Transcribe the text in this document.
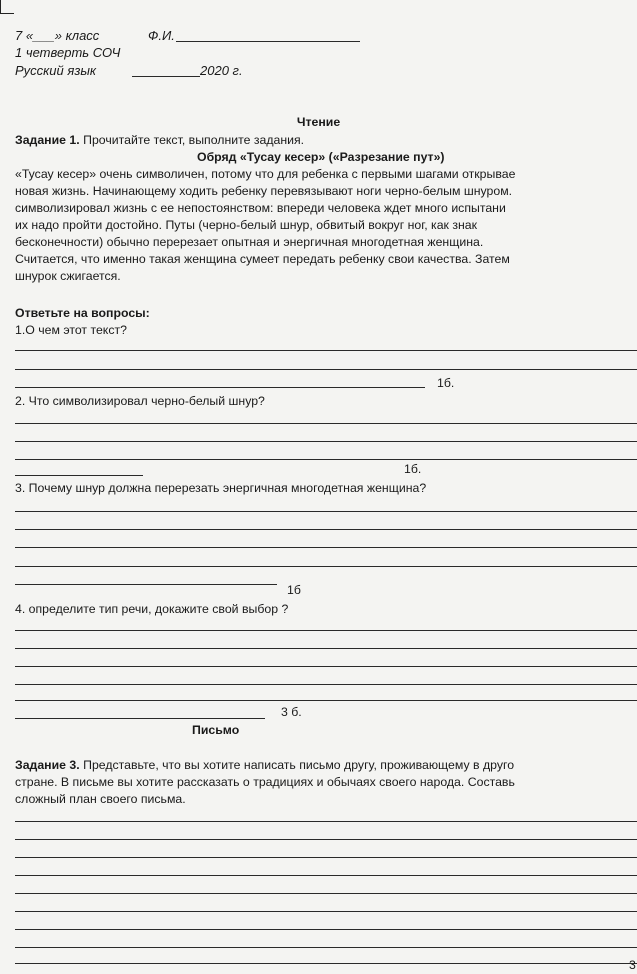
7 «___» класс	Ф.И.
1 четверть СОЧ
Русский язык	2020 г.
Чтение
Задание 1. Прочитайте текст, выполните задания.
Обряд «Тусау кесер» («Разрезание пут»)
«Тусау кесер» очень символичен, потому что для ребенка с первыми шагами открывае
новая жизнь. Начинающему ходить ребенку перевязывают ноги черно-белым шнуром.
символизировал жизнь с ее непостоянством: впереди человека ждет много испытани
их надо пройти достойно. Путы (черно-белый шнур, обвитый вокруг ног, как знак
бесконечности) обычно перерезает опытная и энергичная многодетная женщина.
Считается, что именно такая женщина сумеет передать ребенку свои качества. Затем
шнурок сжигается.
Ответьте на вопросы:
1.О чем этот текст?
1б.
2. Что символизировал черно-белый шнур?
1б.
3. Почему шнур должна перерезать энергичная многодетная женщина?
1б
4. определите тип речи, докажите свой выбор ?
3 б.
Письмо
Задание 3. Представьте, что вы хотите написать письмо другу, проживающему в друго
стране. В письме вы хотите рассказать о традициях и обычаях своего народа. Составь
сложный план своего письма.
3
